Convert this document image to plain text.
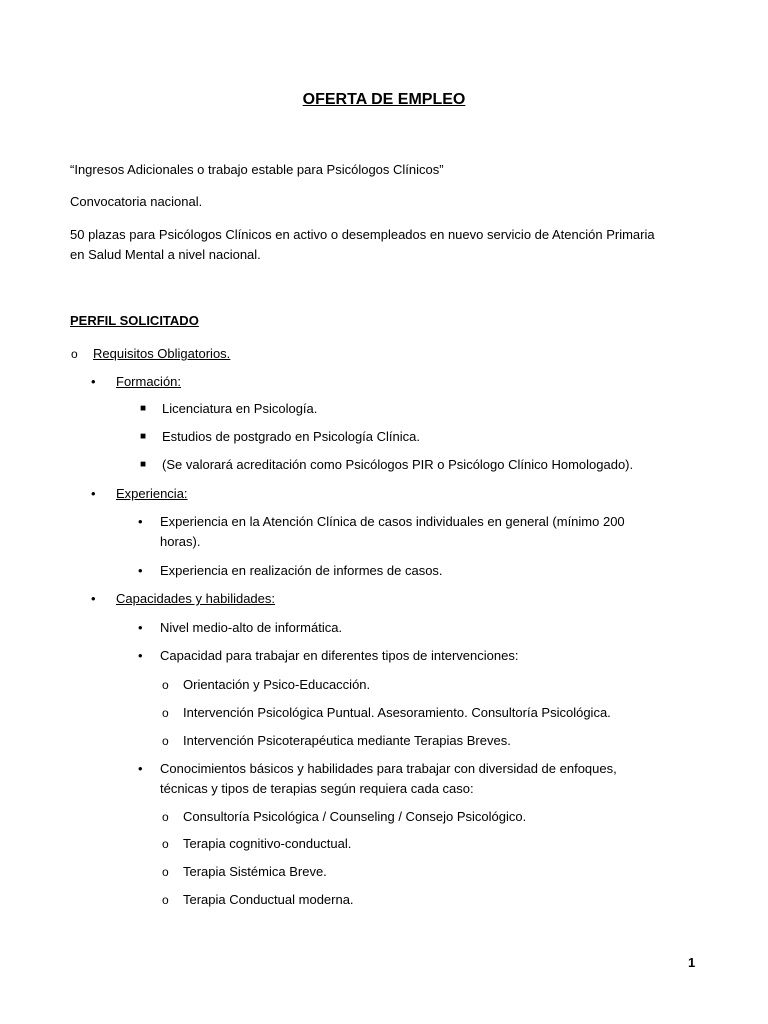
OFERTA DE EMPLEO
“Ingresos Adicionales o trabajo estable para Psicólogos Clínicos”
Convocatoria nacional.
50 plazas para Psicólogos Clínicos en activo o desempleados en nuevo servicio de Atención Primaria
en Salud Mental a nivel nacional.
PERFIL SOLICITADO
o Requisitos Obligatorios.
• Formación:
■ Licenciatura en Psicología.
■ Estudios de postgrado en Psicología Clínica.
■ (Se valorará acreditación como Psicólogos PIR o Psicólogo Clínico Homologado).
• Experiencia:
• Experiencia en la Atención Clínica de casos individuales en general (mínimo 200
horas).
• Experiencia en realización de informes de casos.
• Capacidades y habilidades:
• Nivel medio-alto de informática.
• Capacidad para trabajar en diferentes tipos de intervenciones:
o Orientación y Psico-Educacción.
o Intervención Psicológica Puntual. Asesoramiento. Consultoría Psicológica.
o Intervención Psicoterapéutica mediante Terapias Breves.
• Conocimientos básicos y habilidades para trabajar con diversidad de enfoques,
técnicas y tipos de terapias según requiera cada caso:
o Consultoría Psicológica / Counseling / Consejo Psicológico.
o Terapia cognitivo-conductual.
o Terapia Sistémica Breve.
o Terapia Conductual moderna.
1
